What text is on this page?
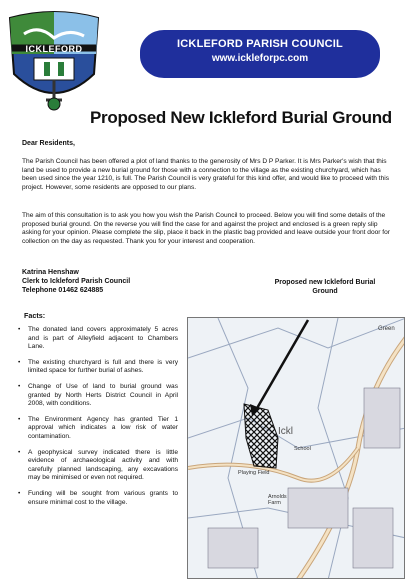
ICKLEFORD	ICKLEFORD PARISH COUNCIL
www.ickleforpc.com
Proposed New Ickleford Burial Ground
Dear Residents,

The Parish Council has been offered a plot of land thanks to the generosity of Mrs D P Parker. It is Mrs Parker's wish that this land be used to provide a new burial ground for those with a connection to the village as the existing churchyard, which has been used since the year 1210, is full. The Parish Council is very grateful for this kind offer, and would like to proceed with this project. However, some residents are opposed to our plans.

The aim of this consultation is to ask you how you wish the Parish Council to proceed. Below you will find some details of the proposed burial ground. On the reverse you will find the case for and against the project and enclosed is a green reply slip asking for your opinion. Please complete the slip, place it back in the plastic bag provided and leave outside your front door for collection on the day as requested. Thank you for your interest and cooperation.

Katrina Henshaw
Clerk to Ickleford Parish Council
Telephone 01462 624885
Facts:
• The donated land covers approximately 5 acres and is part of Alleyfield adjacent to Chambers Lane.
• The existing churchyard is full and there is very limited space for further burial of ashes.
• Change of Use of land to burial ground was granted by North Herts District Council in April 2008, with conditions.
• The Environment Agency has granted Tier 1 approval which indicates a low risk of water contamination.
• A geophysical survey indicated there is little evidence of archaeological activity and with carefully planned landscaping, any excavations may be minimised or even not required.
• Funding will be sought from various grants to ensure minimal cost to the village.
Proposed new Ickleford Burial Ground
Ickl
Playing Field
School
Arnolds Farm
Green
